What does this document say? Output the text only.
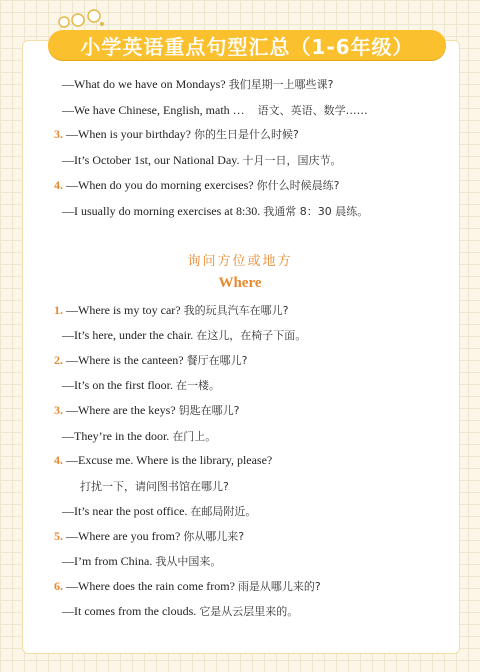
小学英语重点句型汇总（1-6年级）
—What do we have on Mondays? 我们星期一上哪些课?
—We have Chinese, English, math … 语文、英语、数学……
3. —When is your birthday? 你的生日是什么时候?
—It’s October 1st, our National Day. 十月一日，国庆节。
4. —When do you do morning exercises? 你什么时候晨练?
—I usually do morning exercises at 8:30. 我通常 8：30 晨练。
询问方位或地方
Where
1. —Where is my toy car? 我的玩具汽车在哪儿?
—It’s here, under the chair. 在这儿，在椅子下面。
2. —Where is the canteen? 餐厅在哪儿?
—It’s on the first floor. 在一楼。
3. —Where are the keys? 钥匙在哪儿?
—They’re in the door. 在门上。
4. —Excuse me. Where is the library, please?
打扰一下，请问图书馆在哪儿?
—It’s near the post office. 在邮局附近。
5. —Where are you from? 你从哪儿来?
—I’m from China. 我从中国来。
6. —Where does the rain come from? 雨是从哪儿来的?
—It comes from the clouds. 它是从云层里来的。
